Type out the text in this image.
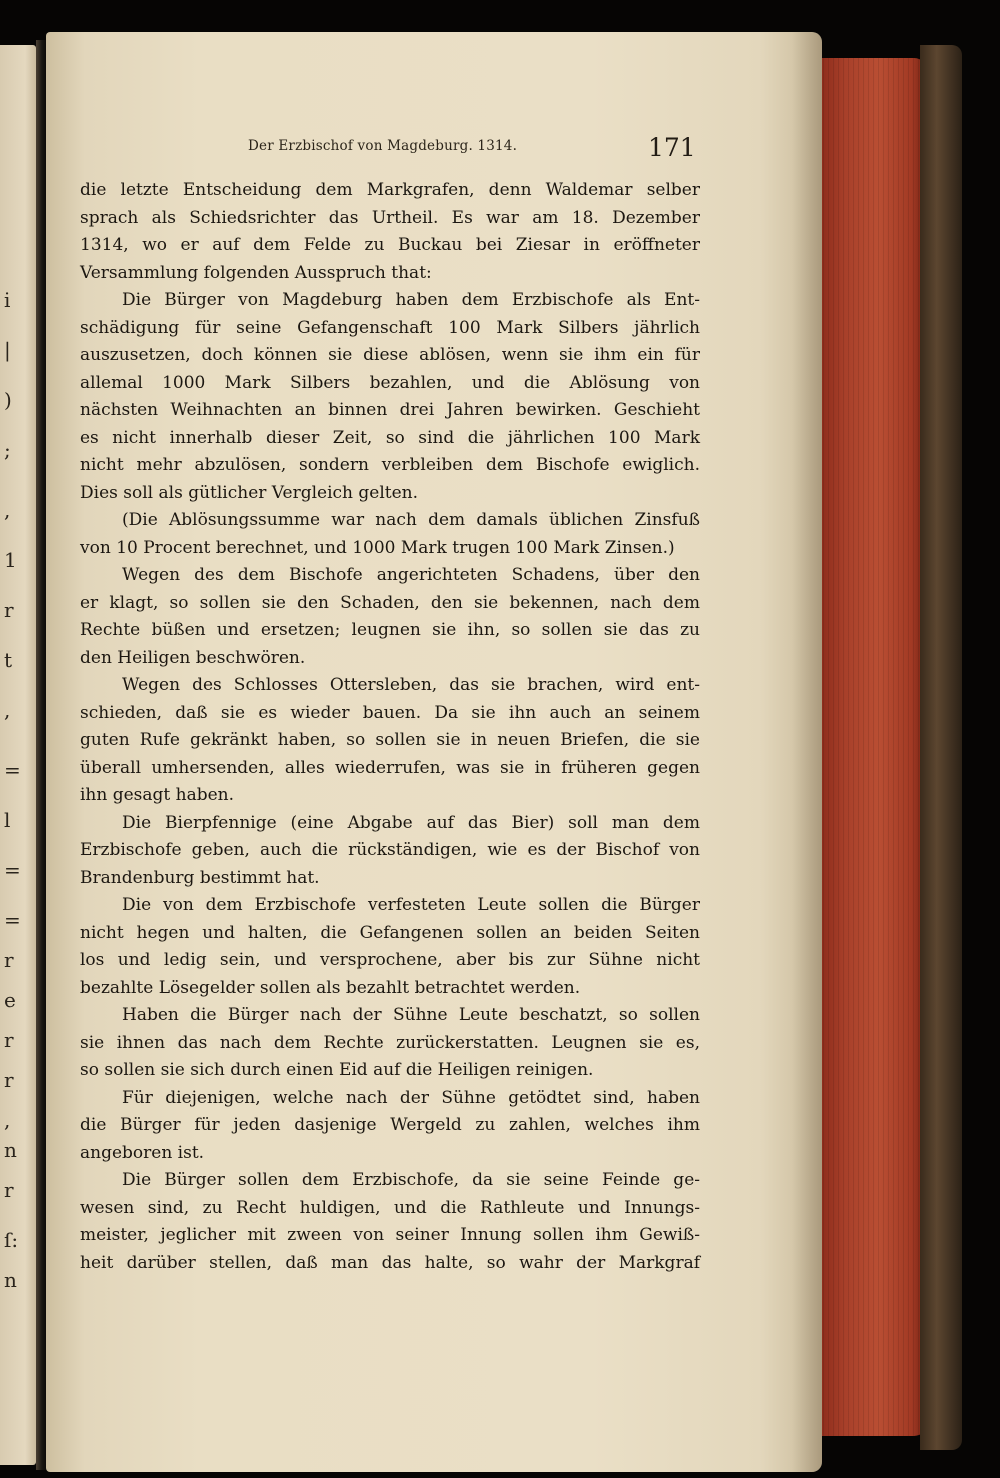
i
|
)
;
,
1
r
t
,
=
l
=
=
r
e
r
r
,
n
r
ſ:
n
Der Erzbischof von Magdeburg. 1314.	171
die letzte Entscheidung dem Markgrafen, denn Waldemar selber
sprach als Schiedsrichter das Urtheil. Es war am 18. Dezember
1314, wo er auf dem Felde zu Buckau bei Ziesar in eröffneter
Versammlung folgenden Ausspruch that:
Die Bürger von Magdeburg haben dem Erzbischofe als Ent-
schädigung für seine Gefangenschaft 100 Mark Silbers jährlich
auszusetzen, doch können sie diese ablösen, wenn sie ihm ein für
allemal 1000 Mark Silbers bezahlen, und die Ablösung von
nächsten Weihnachten an binnen drei Jahren bewirken. Geschieht
es nicht innerhalb dieser Zeit, so sind die jährlichen 100 Mark
nicht mehr abzulösen, sondern verbleiben dem Bischofe ewiglich.
Dies soll als gütlicher Vergleich gelten.
(Die Ablösungssumme war nach dem damals üblichen Zinsfuß
von 10 Procent berechnet, und 1000 Mark trugen 100 Mark Zinsen.)
Wegen des dem Bischofe angerichteten Schadens, über den
er klagt, so sollen sie den Schaden, den sie bekennen, nach dem
Rechte büßen und ersetzen; leugnen sie ihn, so sollen sie das zu
den Heiligen beschwören.
Wegen des Schlosses Ottersleben, das sie brachen, wird ent-
schieden, daß sie es wieder bauen. Da sie ihn auch an seinem
guten Rufe gekränkt haben, so sollen sie in neuen Briefen, die sie
überall umhersenden, alles wiederrufen, was sie in früheren gegen
ihn gesagt haben.
Die Bierpfennige (eine Abgabe auf das Bier) soll man dem
Erzbischofe geben, auch die rückständigen, wie es der Bischof von
Brandenburg bestimmt hat.
Die von dem Erzbischofe verfesteten Leute sollen die Bürger
nicht hegen und halten, die Gefangenen sollen an beiden Seiten
los und ledig sein, und versprochene, aber bis zur Sühne nicht
bezahlte Lösegelder sollen als bezahlt betrachtet werden.
Haben die Bürger nach der Sühne Leute beschatzt, so sollen
sie ihnen das nach dem Rechte zurückerstatten. Leugnen sie es,
so sollen sie sich durch einen Eid auf die Heiligen reinigen.
Für diejenigen, welche nach der Sühne getödtet sind, haben
die Bürger für jeden dasjenige Wergeld zu zahlen, welches ihm
angeboren ist.
Die Bürger sollen dem Erzbischofe, da sie seine Feinde ge-
wesen sind, zu Recht huldigen, und die Rathleute und Innungs-
meister, jeglicher mit zween von seiner Innung sollen ihm Gewiß-
heit darüber stellen, daß man das halte, so wahr der Markgraf
